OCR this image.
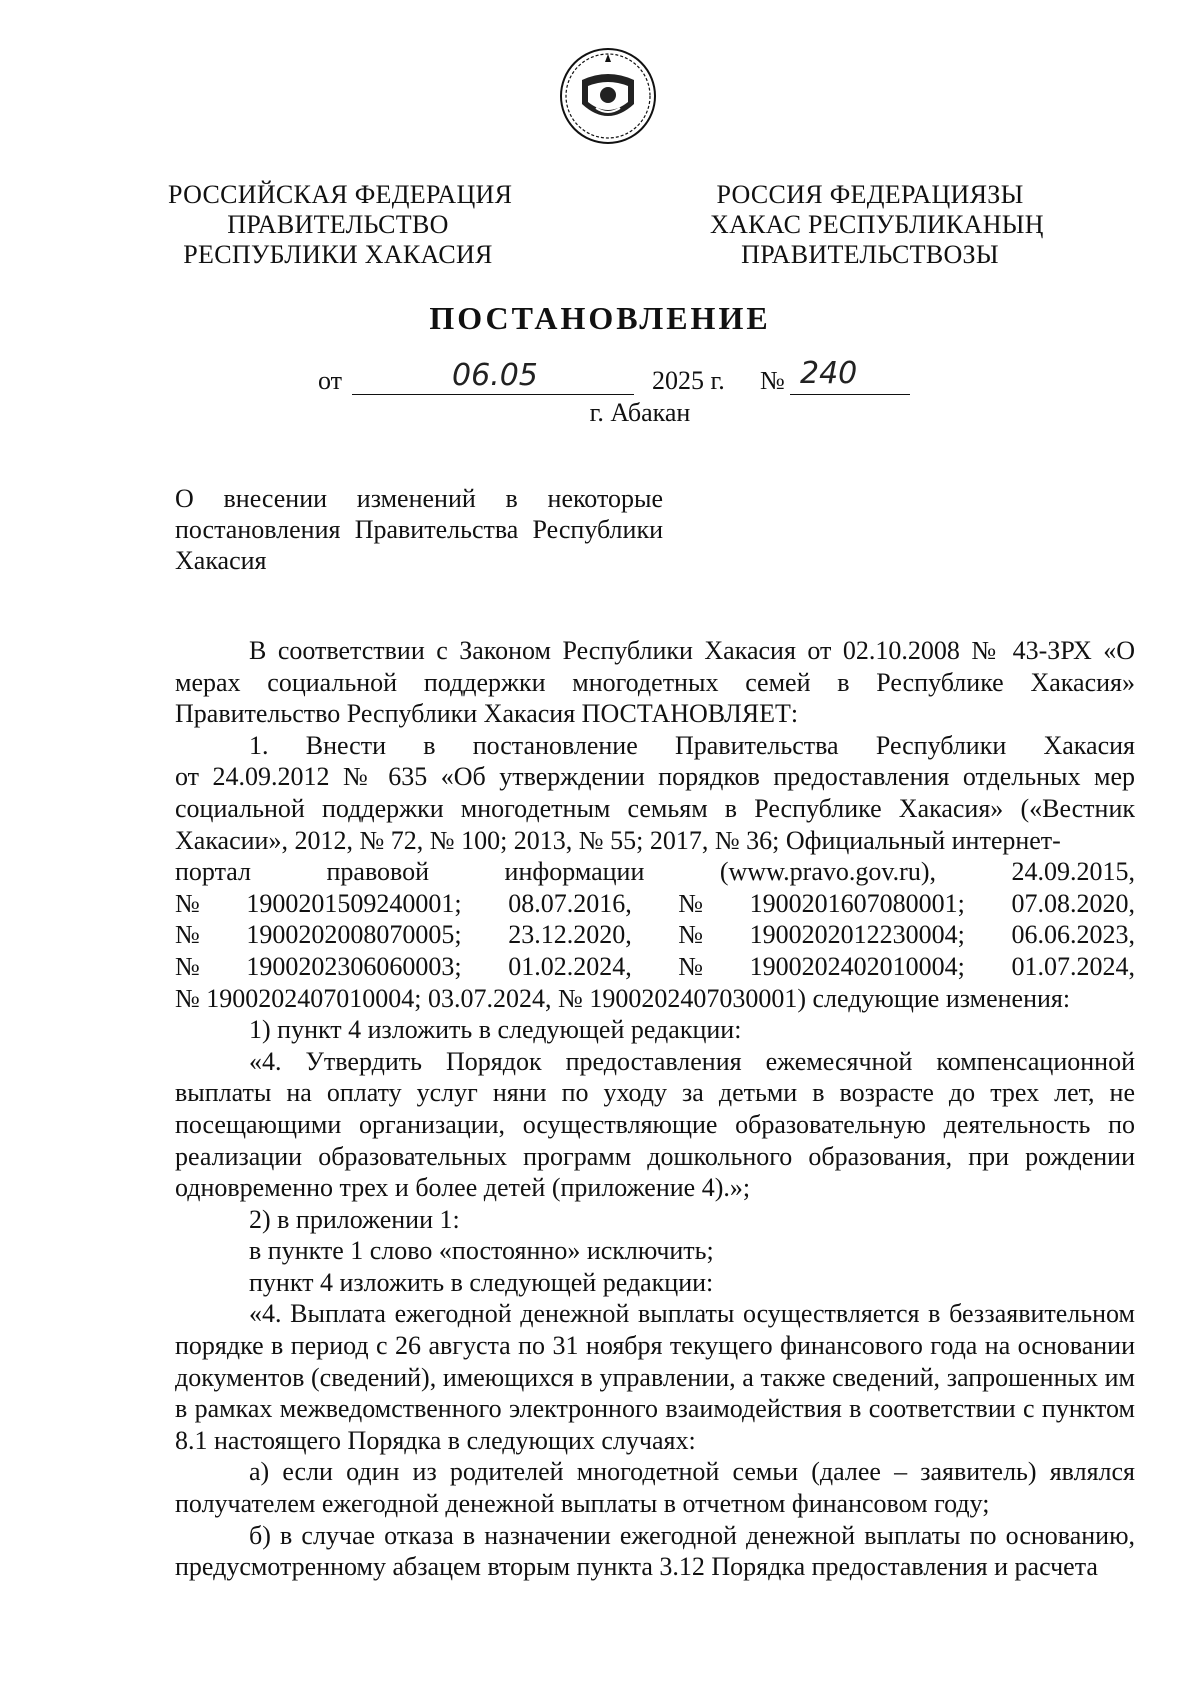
РОССИЙСКАЯ ФЕДЕРАЦИЯ
ПРАВИТЕЛЬСТВО
РЕСПУБЛИКИ ХАКАСИЯ
РОССИЯ ФЕДЕРАЦИЯЗЫ
ХАКАС РЕСПУБЛИКАНЫҢ
ПРАВИТЕЛЬСТВОЗЫ
ПОСТАНОВЛЕНИЕ
от	06.05	2025 г. № 240
г. Абакан
О внесении изменений в некоторые постановления Правительства Республики Хакасия

В соответствии с Законом Республики Хакасия от 02.10.2008 № 43-ЗРХ «О мерах социальной поддержки многодетных семей в Республике Хакасия» Правительство Республики Хакасия ПОСТАНОВЛЯЕТ:

1. Внести в постановление Правительства Республики Хакасия

от 24.09.2012 № 635 «Об утверждении порядков предоставления отдельных мер социальной поддержки многодетным семьям в Республике Хакасия» («Вестник Хакасии», 2012, № 72, № 100; 2013, № 55; 2017, № 36; Официальный интернет-

портал	правовой	информации	(www.pravo.gov.ru),	24.09.2015,
№ 1900201509240001; 08.07.2016, № 1900201607080001; 07.08.2020,
№ 1900202008070005; 23.12.2020, № 1900202012230004; 06.06.2023,
№ 1900202306060003; 01.02.2024, № 1900202402010004; 01.07.2024,

№ 1900202407010004; 03.07.2024, № 1900202407030001) следующие изменения:

1) пункт 4 изложить в следующей редакции:

«4. Утвердить Порядок предоставления ежемесячной компенсационной выплаты на оплату услуг няни по уходу за детьми в возрасте до трех лет, не посещающими организации, осуществляющие образовательную деятельность по реализации образовательных программ дошкольного образования, при рождении одновременно трех и более детей (приложение 4).»;

2) в приложении 1:

в пункте 1 слово «постоянно» исключить;

пункт 4 изложить в следующей редакции:

«4. Выплата ежегодной денежной выплаты осуществляется в беззаявительном порядке в период с 26 августа по 31 ноября текущего финансового года на основании документов (сведений), имеющихся в управлении, а также сведений, запрошенных им в рамках межведомственного электронного взаимодействия в соответствии с пунктом 8.1 настоящего Порядка в следующих случаях:

а) если один из родителей многодетной семьи (далее – заявитель) являлся получателем ежегодной денежной выплаты в отчетном финансовом году;

б) в случае отказа в назначении ежегодной денежной выплаты по основанию, предусмотренному абзацем вторым пункта 3.12 Порядка предоставления и расчета
